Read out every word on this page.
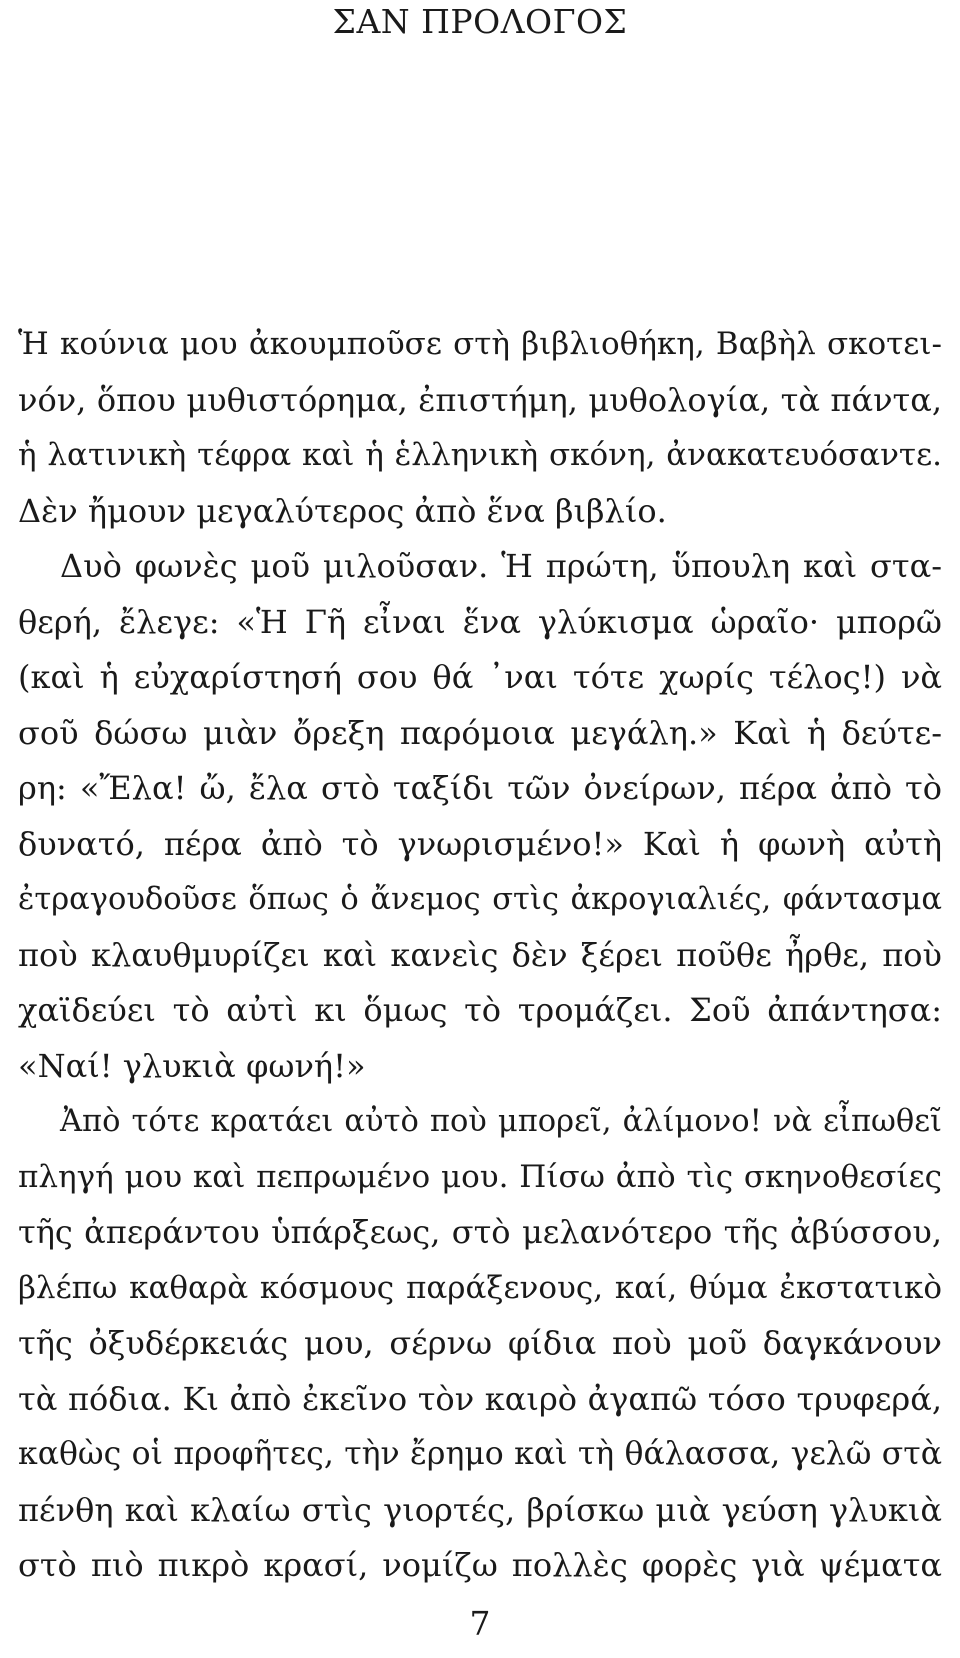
ΣΑΝ ΠΡΟΛΟΓΟΣ
Ἡ κούνια μου ἀκουμποῦσε στὴ βιβλιοθήκη, Βαβὴλ σκοτει-
νόν, ὅπου μυθιστόρημα, ἐπιστήμη, μυθολογία, τὰ πάντα,
ἡ λατινικὴ τέφρα καὶ ἡ ἑλληνικὴ σκόνη, ἀνακατευόσαντε.
Δὲν ἤμουν μεγαλύτερος ἀπὸ ἕνα βιβλίο.
Δυὸ φωνὲς μοῦ μιλοῦσαν. Ἡ πρώτη, ὕπουλη καὶ στα-
θερή, ἔλεγε: «Ἡ Γῆ εἶναι ἕνα γλύκισμα ὡραῖο· μπορῶ
(καὶ ἡ εὐχαρίστησή σου θά ᾿ναι τότε χωρίς τέλος!) νὰ
σοῦ δώσω μιὰν ὄρεξη παρόμοια μεγάλη.» Καὶ ἡ δεύτε-
ρη: «Ἔλα! ὤ, ἔλα στὸ ταξίδι τῶν ὀνείρων, πέρα ἀπὸ τὸ
δυνατό, πέρα ἀπὸ τὸ γνωρισμένο!» Καὶ ἡ φωνὴ αὐτὴ
ἐτραγουδοῦσε ὅπως ὁ ἄνεμος στὶς ἀκρογιαλιές, φάντασμα
ποὺ κλαυθμυρίζει καὶ κανεὶς δὲν ξέρει ποῦθε ἦρθε, ποὺ
χαϊδεύει τὸ αὐτὶ κι ὅμως τὸ τρομάζει. Σοῦ ἀπάντησα:
«Ναί! γλυκιὰ φωνή!»
Ἀπὸ τότε κρατάει αὐτὸ ποὺ μπορεῖ, ἀλίμονο! νὰ εἶπωθεῖ
πληγή μου καὶ πεπρωμένο μου. Πίσω ἀπὸ τὶς σκηνοθεσίες
τῆς ἀπεράντου ὑπάρξεως, στὸ μελανότερο τῆς ἀβύσσου,
βλέπω καθαρὰ κόσμους παράξενους, καί, θύμα ἐκστατικὸ
τῆς ὀξυδέρκειάς μου, σέρνω φίδια ποὺ μοῦ δαγκάνουν
τὰ πόδια. Κι ἀπὸ ἐκεῖνο τὸν καιρὸ ἀγαπῶ τόσο τρυφερά,
καθὼς οἱ προφῆτες, τὴν ἔρημο καὶ τὴ θάλασσα, γελῶ στὰ
πένθη καὶ κλαίω στὶς γιορτές, βρίσκω μιὰ γεύση γλυκιὰ
στὸ πιὸ πικρὸ κρασί, νομίζω πολλὲς φορὲς γιὰ ψέματα
7
